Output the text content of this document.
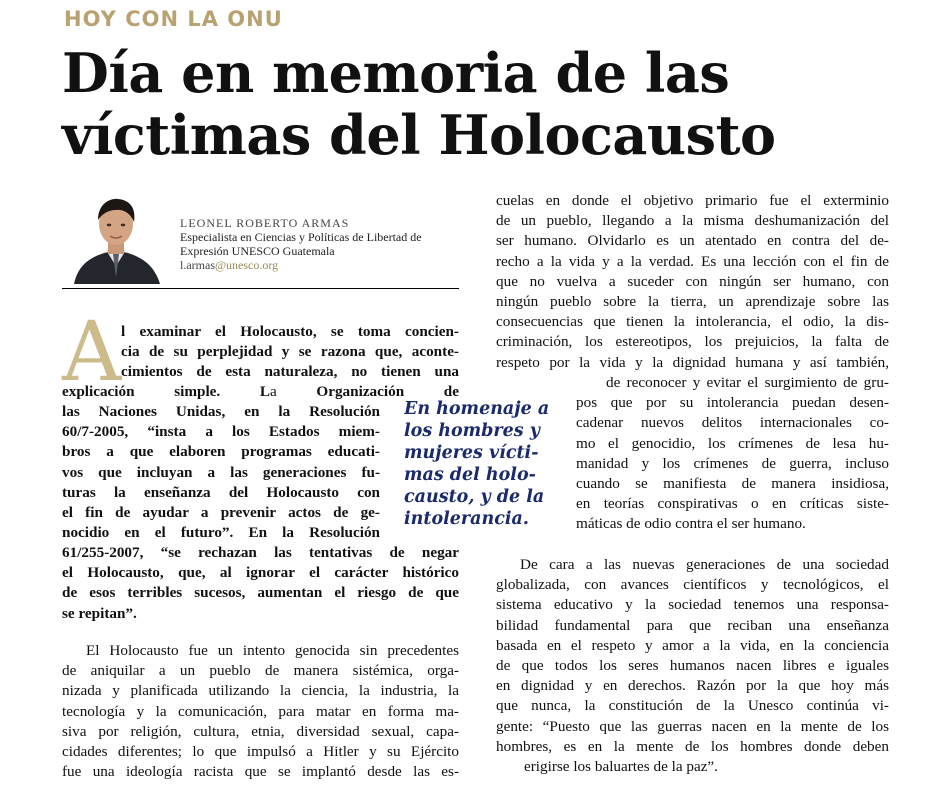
HOY CON LA ONU
Día en memoria de las
víctimas del Holocausto
LEONEL ROBERTO ARMAS
Especialista en Ciencias y Políticas de Libertad de
Expresión UNESCO Guatemala
l.armas@unesco.org
A l examinar el Holocausto, se toma concien-
cia de su perplejidad y se razona que, aconte-
cimientos de esta naturaleza, no tienen una
explicación simple. La Organización de
las Naciones Unidas, en la Resolución
60/7-2005, “insta a los Estados miem-
bros a que elaboren programas educati-
vos que incluyan a las generaciones fu-
turas la enseñanza del Holocausto con
el fin de ayudar a prevenir actos de ge-
nocidio en el futuro”. En la Resolución
61/255-2007, “se rechazan las tentativas de negar
el Holocausto, que, al ignorar el carácter histórico
de esos terribles sucesos, aumentan el riesgo de que
se repitan”.
El Holocausto fue un intento genocida sin precedentes
de aniquilar a un pueblo de manera sistémica, orga-
nizada y planificada utilizando la ciencia, la industria, la
tecnología y la comunicación, para matar en forma ma-
siva por religión, cultura, etnia, diversidad sexual, capa-
cidades diferentes; lo que impulsó a Hitler y su Ejército
fue una ideología racista que se implantó desde las es-
En homenaje a
los hombres y
mujeres vícti-
mas del holo-
causto, y de la
intolerancia.
cuelas en donde el objetivo primario fue el exterminio
de un pueblo, llegando a la misma deshumanización del
ser humano. Olvidarlo es un atentado en contra del de-
recho a la vida y a la verdad. Es una lección con el fin de
que no vuelva a suceder con ningún ser humano, con
ningún pueblo sobre la tierra, un aprendizaje sobre las
consecuencias que tienen la intolerancia, el odio, la dis-
criminación, los estereotipos, los prejuicios, la falta de
respeto por la vida y la dignidad humana y así también,
de reconocer y evitar el surgimiento de gru-
pos que por su intolerancia puedan desen-
cadenar nuevos delitos internacionales co-
mo el genocidio, los crímenes de lesa hu-
manidad y los crímenes de guerra, incluso
cuando se manifiesta de manera insidiosa,
en teorías conspirativas o en críticas siste-
máticas de odio contra el ser humano.
De cara a las nuevas generaciones de una sociedad
globalizada, con avances científicos y tecnológicos, el
sistema educativo y la sociedad tenemos una responsa-
bilidad fundamental para que reciban una enseñanza
basada en el respeto y amor a la vida, en la conciencia
de que todos los seres humanos nacen libres e iguales
en dignidad y en derechos. Razón por la que hoy más
que nunca, la constitución de la Unesco continúa vi-
gente: “Puesto que las guerras nacen en la mente de los
hombres, es en la mente de los hombres donde deben
erigirse los baluartes de la paz”.
